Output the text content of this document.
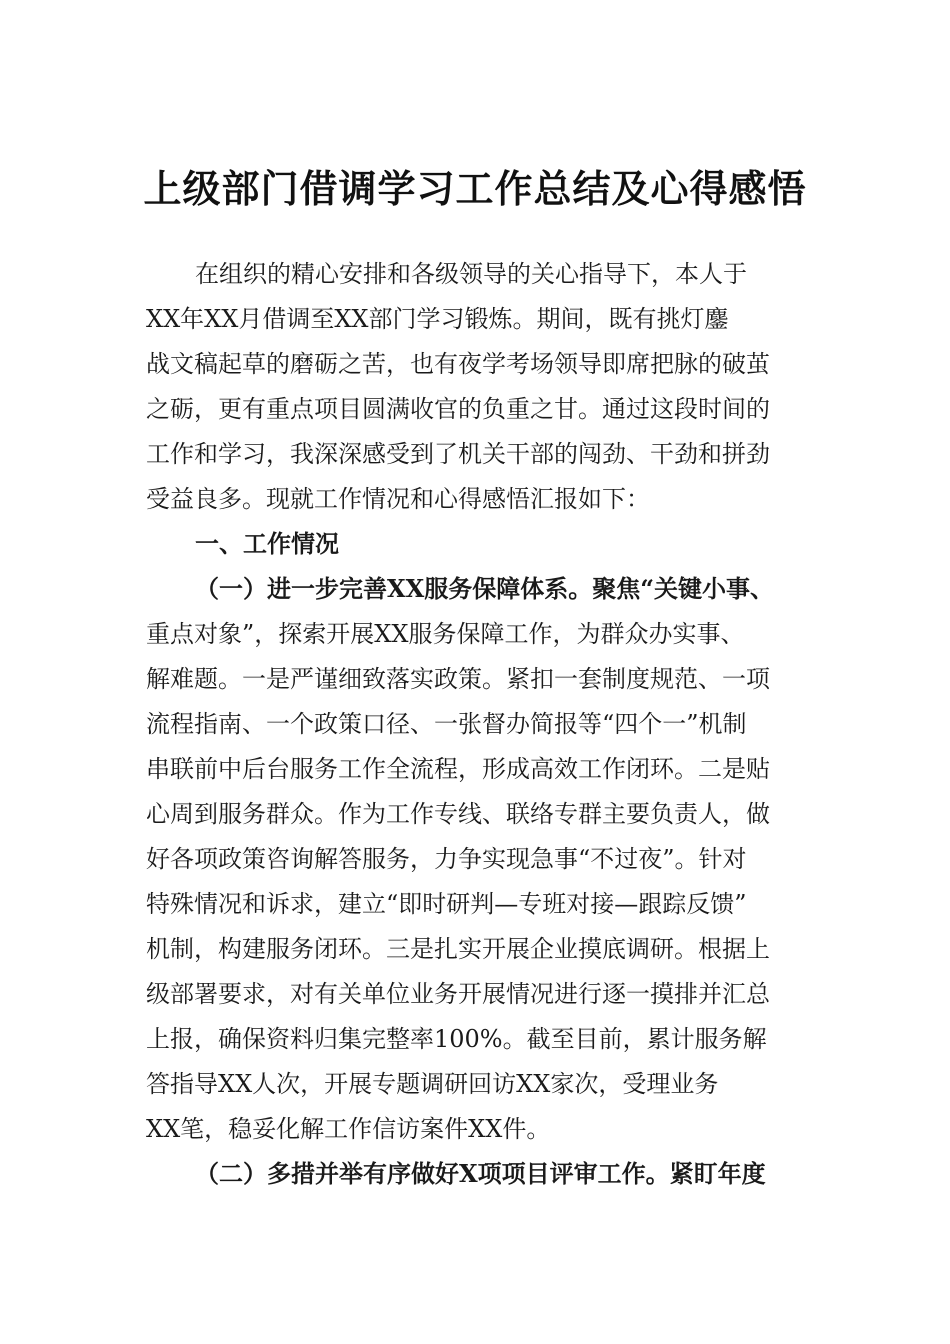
上级部门借调学习工作总结及心得感悟

在组织的精心安排和各级领导的关心指导下，本人于

XX年XX月借调至XX部门学习锻炼。期间，既有挑灯鏖

战文稿起草的磨砺之苦，也有夜学考场领导即席把脉的破茧

之砺，更有重点项目圆满收官的负重之甘。通过这段时间的

工作和学习，我深深感受到了机关干部的闯劲、干劲和拼劲

受益良多。现就工作情况和心得感悟汇报如下：

一、工作情况

（一）进一步完善XX服务保障体系。聚焦“关键小事、

重点对象”，探索开展XX服务保障工作，为群众办实事、

解难题。一是严谨细致落实政策。紧扣一套制度规范、一项

流程指南、一个政策口径、一张督办简报等“四个一”机制

串联前中后台服务工作全流程，形成高效工作闭环。二是贴

心周到服务群众。作为工作专线、联络专群主要负责人，做

好各项政策咨询解答服务，力争实现急事“不过夜”。针对

特殊情况和诉求，建立“即时研判—专班对接—跟踪反馈”

机制，构建服务闭环。三是扎实开展企业摸底调研。根据上

级部署要求，对有关单位业务开展情况进行逐一摸排并汇总

上报，确保资料归集完整率100%。截至目前，累计服务解

答指导XX人次，开展专题调研回访XX家次，受理业务

XX笔，稳妥化解工作信访案件XX件。

（二）多措并举有序做好X项项目评审工作。紧盯年度
